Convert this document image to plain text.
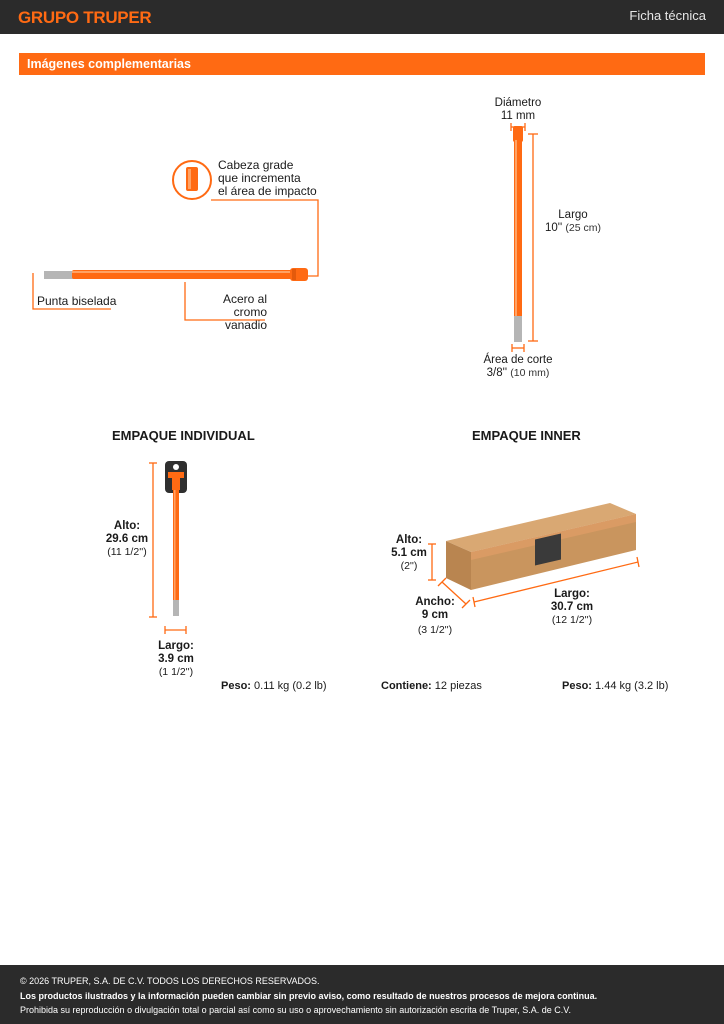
GRUPO TRUPER	Ficha técnica
Imágenes complementarias
Cabeza grade
que incrementa
el área de impacto
Punta biselada	Acero al
cromo vanadio
Diámetro
11 mm
Largo
10'' (25 cm)
Área de corte
3/8'' (10 mm)
EMPAQUE INDIVIDUAL
Alto:
29.6 cm
(11 1/2'')
Largo:
3.9 cm
(1 1/2'')
Peso: 0.11 kg (0.2 lb)
EMPAQUE INNER
Alto:
5.1 cm
(2'')
Ancho:
9 cm
(3 1/2'')
Largo:
30.7 cm
(12 1/2'')
Contiene: 12 piezas	Peso: 1.44 kg (3.2 lb)
© 2026 TRUPER, S.A. DE C.V. TODOS LOS DERECHOS RESERVADOS.
Los productos ilustrados y la información pueden cambiar sin previo aviso, como resultado de nuestros procesos de mejora continua.
Prohibida su reproducción o divulgación total o parcial así como su uso o aprovechamiento sin autorización escrita de Truper, S.A. de C.V.
